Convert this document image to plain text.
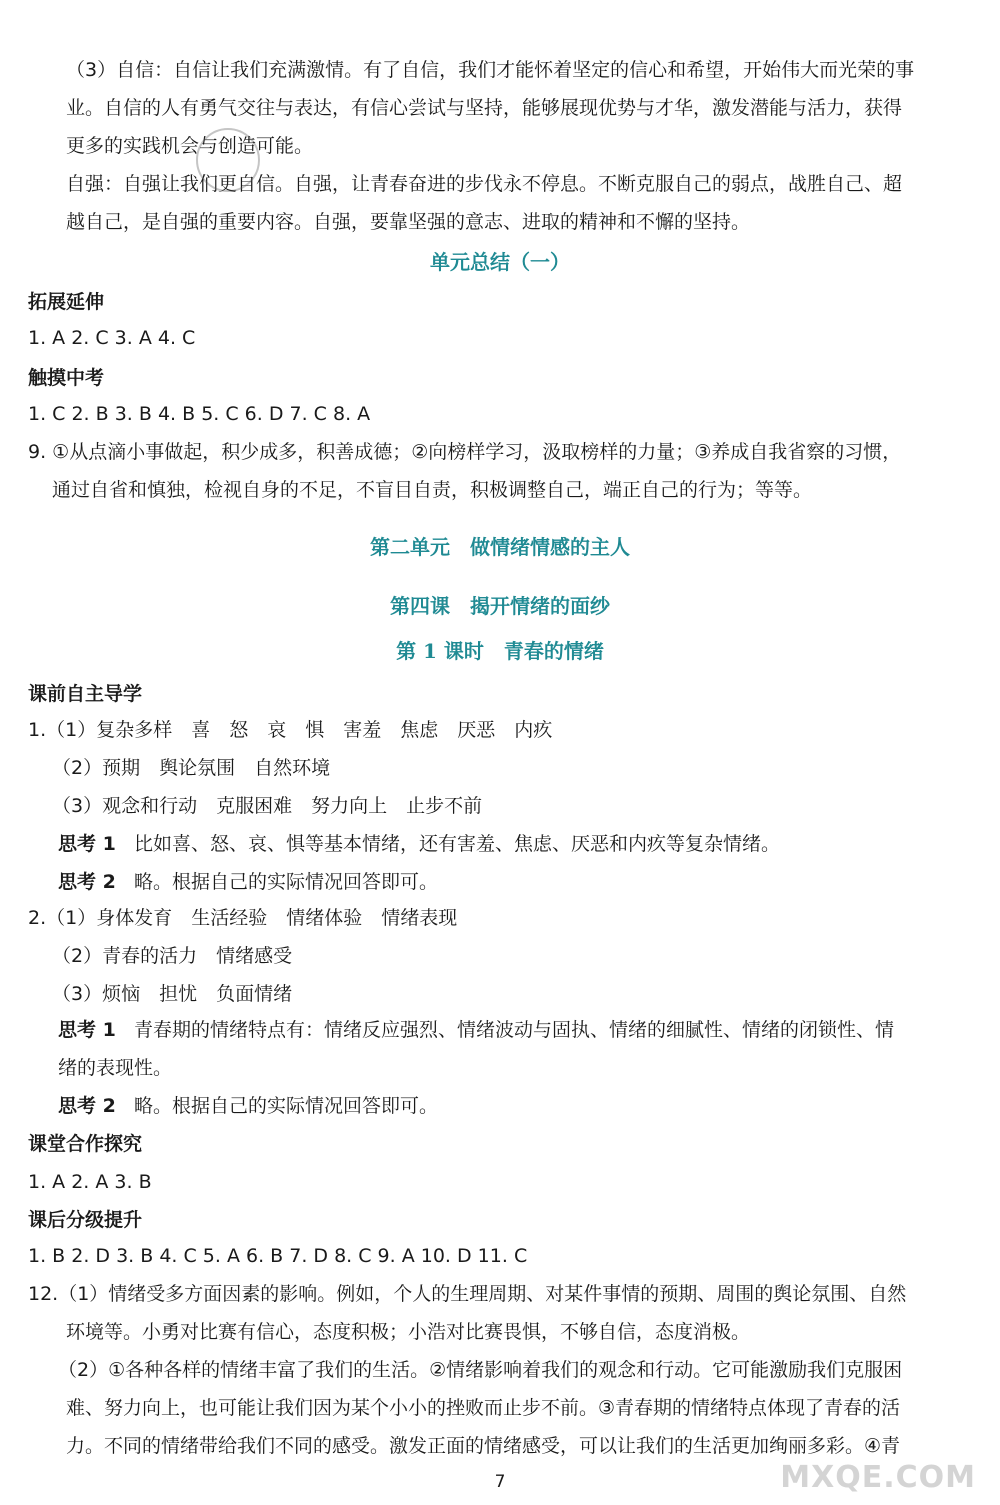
（3）自信：自信让我们充满激情。有了自信，我们才能怀着坚定的信心和希望，开始伟大而光荣的事
业。自信的人有勇气交往与表达，有信心尝试与坚持，能够展现优势与才华，激发潜能与活力，获得
更多的实践机会与创造可能。
自强：自强让我们更自信。自强，让青春奋进的步伐永不停息。不断克服自己的弱点，战胜自己、超
越自己，是自强的重要内容。自强，要靠坚强的意志、进取的精神和不懈的坚持。
单元总结（一）
拓展延伸
1. A 2. C 3. A 4. C
触摸中考
1. C 2. B 3. B 4. B 5. C 6. D 7. C 8. A
9. ①从点滴小事做起，积少成多，积善成德；②向榜样学习，汲取榜样的力量；③养成自我省察的习惯，
通过自省和慎独，检视自身的不足，不盲目自责，积极调整自己，端正自己的行为；等等。
第二单元　做情绪情感的主人
第四课　揭开情绪的面纱
第 1 课时　青春的情绪
课前自主导学
1.（1）复杂多样　喜　怒　哀　惧　害羞　焦虑　厌恶　内疚
（2）预期　舆论氛围　自然环境
（3）观念和行动　克服困难　努力向上　止步不前
思考 1 比如喜、怒、哀、惧等基本情绪，还有害羞、焦虑、厌恶和内疚等复杂情绪。
思考 2 略。根据自己的实际情况回答即可。
2.（1）身体发育　生活经验　情绪体验　情绪表现
（2）青春的活力　情绪感受
（3）烦恼　担忧　负面情绪
思考 1 青春期的情绪特点有：情绪反应强烈、情绪波动与固执、情绪的细腻性、情绪的闭锁性、情
绪的表现性。
思考 2 略。根据自己的实际情况回答即可。
课堂合作探究
1. A 2. A 3. B
课后分级提升
1. B 2. D 3. B 4. C 5. A 6. B 7. D 8. C 9. A 10. D 11. C
12.（1）情绪受多方面因素的影响。例如，个人的生理周期、对某件事情的预期、周围的舆论氛围、自然
环境等。小勇对比赛有信心，态度积极；小浩对比赛畏惧，不够自信，态度消极。
（2）①各种各样的情绪丰富了我们的生活。②情绪影响着我们的观念和行动。它可能激励我们克服困
难、努力向上，也可能让我们因为某个小小的挫败而止步不前。③青春期的情绪特点体现了青春的活
力。不同的情绪带给我们不同的感受。激发正面的情绪感受，可以让我们的生活更加绚丽多彩。④青
7	MXQE.COM
